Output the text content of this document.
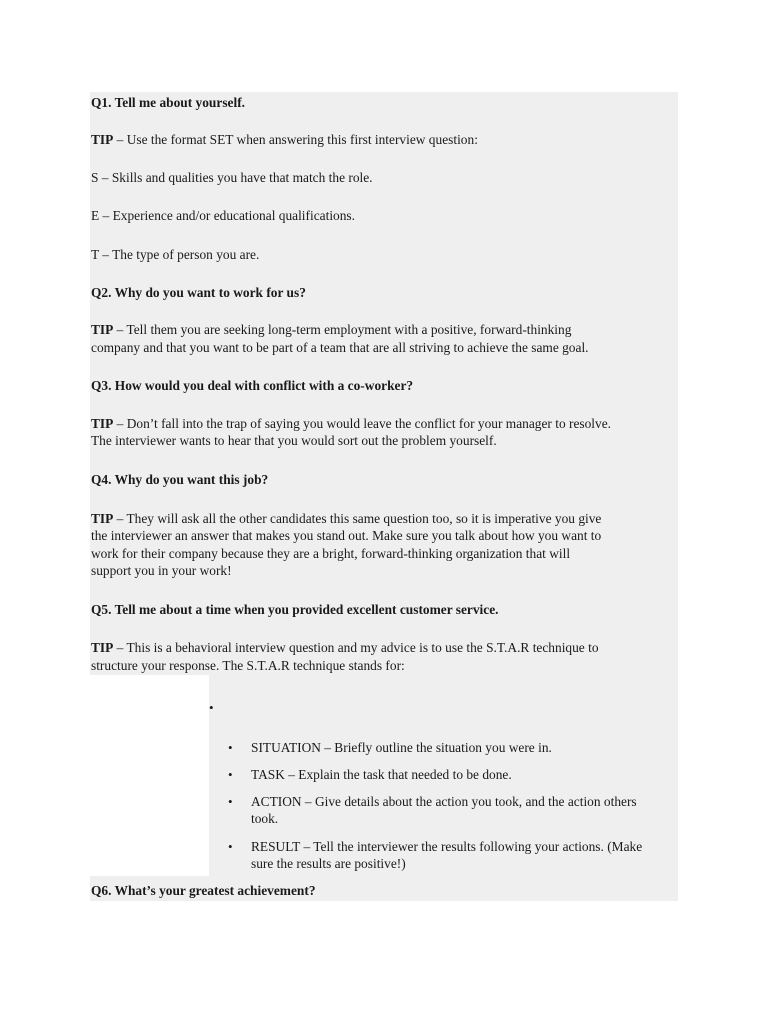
Q1. Tell me about yourself.
TIP – Use the format SET when answering this first interview question:
S – Skills and qualities you have that match the role.
E – Experience and/or educational qualifications.
T – The type of person you are.
Q2. Why do you want to work for us?
TIP – Tell them you are seeking long-term employment with a positive, forward-thinking
company and that you want to be part of a team that are all striving to achieve the same goal.
Q3. How would you deal with conflict with a co-worker?
TIP – Don’t fall into the trap of saying you would leave the conflict for your manager to resolve.
The interviewer wants to hear that you would sort out the problem yourself.
Q4. Why do you want this job?
TIP – They will ask all the other candidates this same question too, so it is imperative you give
the interviewer an answer that makes you stand out. Make sure you talk about how you want to
work for their company because they are a bright, forward-thinking organization that will
support you in your work!
Q5. Tell me about a time when you provided excellent customer service.
TIP – This is a behavioral interview question and my advice is to use the S.T.A.R technique to
structure your response. The S.T.A.R technique stands for:
•
• SITUATION – Briefly outline the situation you were in.
• TASK – Explain the task that needed to be done.
• ACTION – Give details about the action you took, and the action others took.
• RESULT – Tell the interviewer the results following your actions. (Make sure the results are positive!)
Q6. What’s your greatest achievement?
